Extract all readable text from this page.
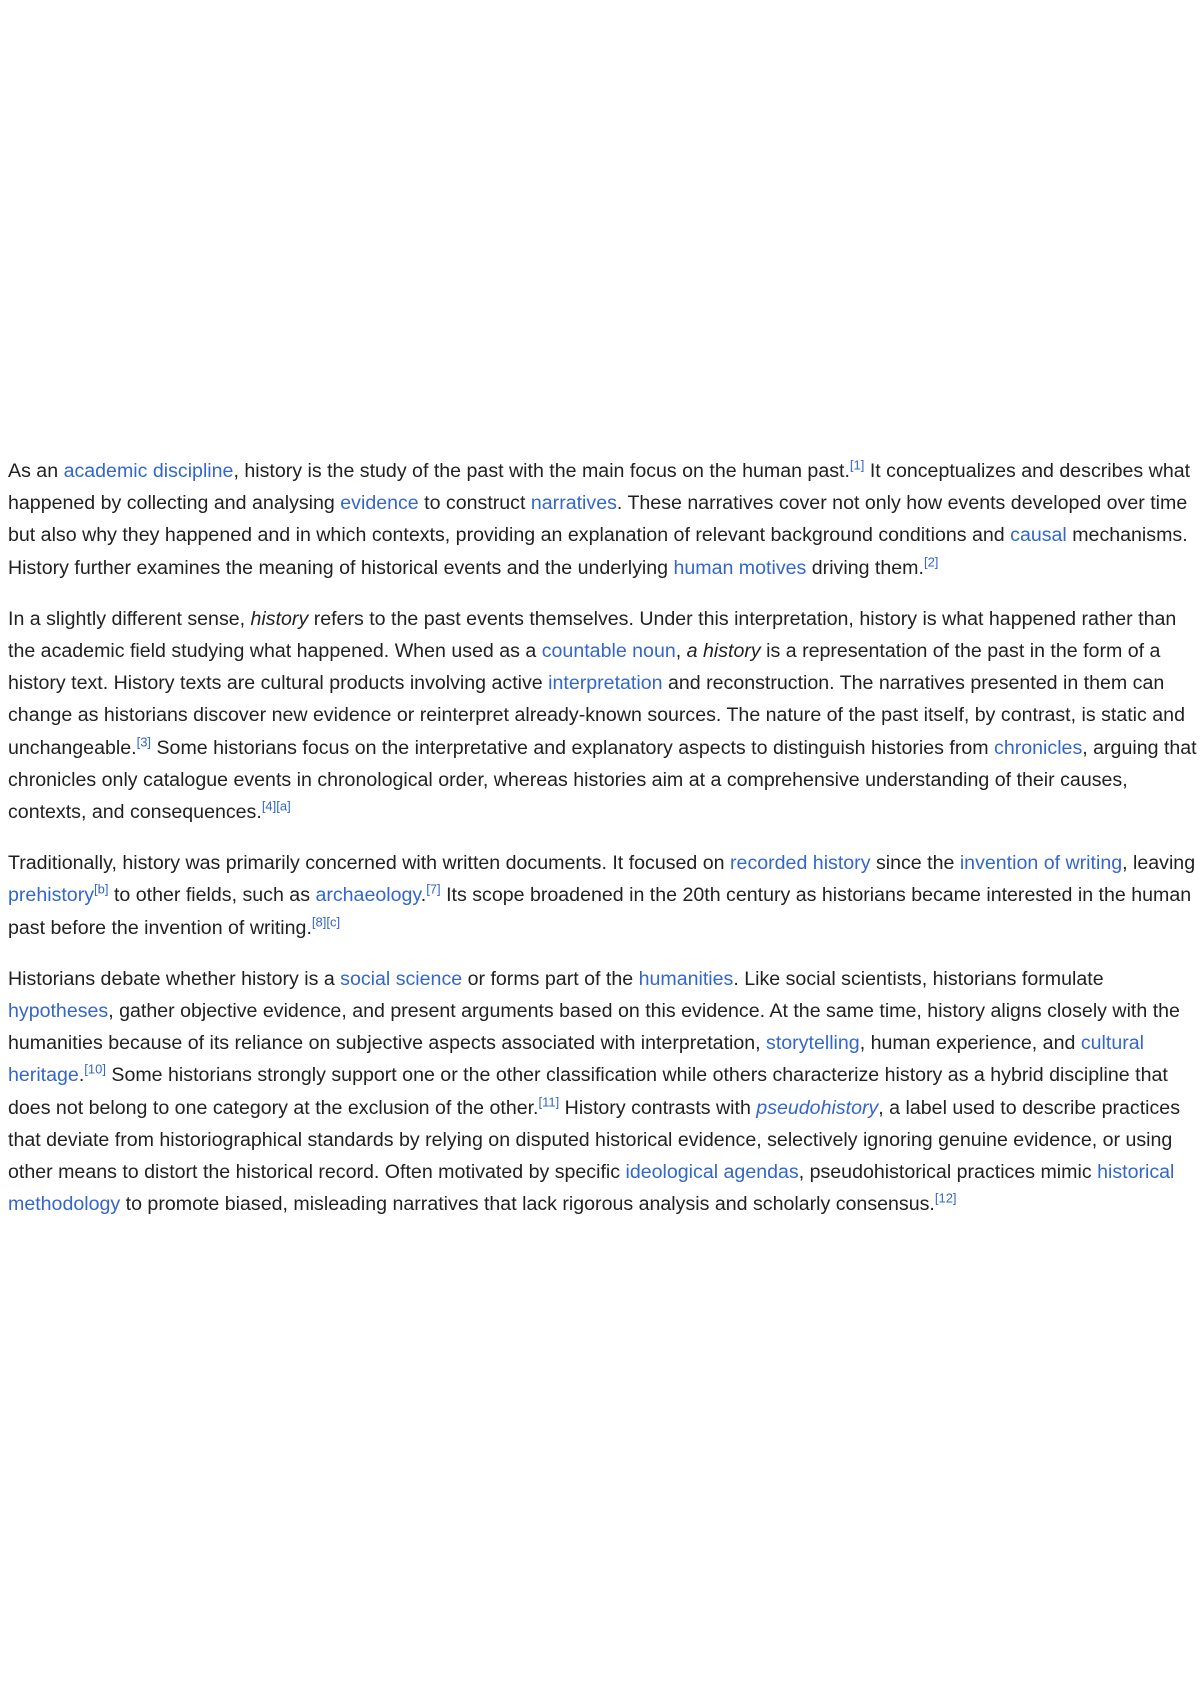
As an academic discipline, history is the study of the past with the main focus on the human past.[1] It conceptualizes and describes what happened by collecting and analysing evidence to construct narratives. These narratives cover not only how events developed over time but also why they happened and in which contexts, providing an explanation of relevant background conditions and causal mechanisms. History further examines the meaning of historical events and the underlying human motives driving them.[2]

In a slightly different sense, history refers to the past events themselves. Under this interpretation, history is what happened rather than the academic field studying what happened. When used as a countable noun, a history is a representation of the past in the form of a history text. History texts are cultural products involving active interpretation and reconstruction. The narratives presented in them can change as historians discover new evidence or reinterpret already-known sources. The nature of the past itself, by contrast, is static and unchangeable.[3] Some historians focus on the interpretative and explanatory aspects to distinguish histories from chronicles, arguing that chronicles only catalogue events in chronological order, whereas histories aim at a comprehensive understanding of their causes, contexts, and consequences.[4][a]

Traditionally, history was primarily concerned with written documents. It focused on recorded history since the invention of writing, leaving prehistory[b] to other fields, such as archaeology.[7] Its scope broadened in the 20th century as historians became interested in the human past before the invention of writing.[8][c]

Historians debate whether history is a social science or forms part of the humanities. Like social scientists, historians formulate hypotheses, gather objective evidence, and present arguments based on this evidence. At the same time, history aligns closely with the humanities because of its reliance on subjective aspects associated with interpretation, storytelling, human experience, and cultural heritage.[10] Some historians strongly support one or the other classification while others characterize history as a hybrid discipline that does not belong to one category at the exclusion of the other.[11] History contrasts with pseudohistory, a label used to describe practices that deviate from historiographical standards by relying on disputed historical evidence, selectively ignoring genuine evidence, or using other means to distort the historical record. Often motivated by specific ideological agendas, pseudohistorical practices mimic historical methodology to promote biased, misleading narratives that lack rigorous analysis and scholarly consensus.[12]
